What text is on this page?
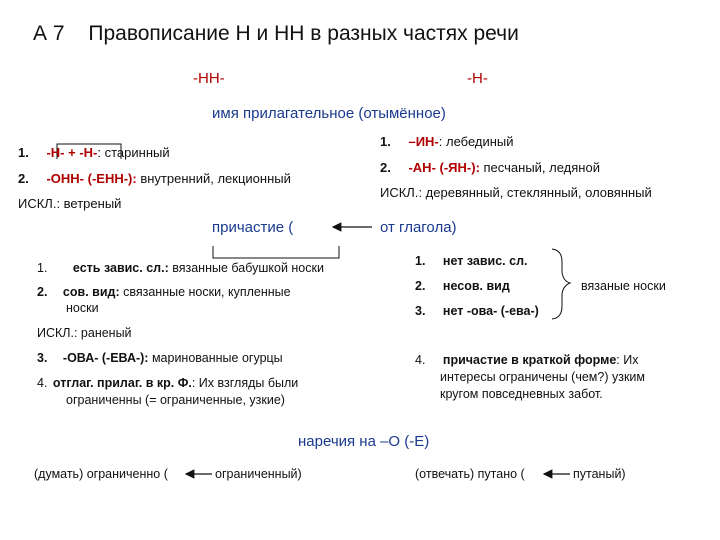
А 7 Правописание Н и НН в разных частях речи
-НН-	-Н-
имя прилагательное (отымённое)
1. -Н- + -Н-: старинный
2. -ОНН- (-ЕНН-): внутренний, лекционный
ИСКЛ.: ветреный
1. –ИН-: лебединый
2. -АН- (-ЯН-): песчаный, ледяной
ИСКЛ.: деревянный, стеклянный, оловянный
причастие (	от глагола)
1. есть завис. сл.: вязанные бабушкой носки
2. сов. вид: связанные носки, купленные
носки
ИСКЛ.: раненый
3. -ОВА- (-ЕВА-): маринованные огурцы
4. отглаг. прилаг. в кр. Ф.: Их взгляды были
ограниченны (= ограниченные, узкие)
1. нет завис. сл.
2. несов. вид
3. нет -ова- (-ева-)
вязаные носки
4. причастие в краткой форме: Их
интересы ограничены (чем?) узким
кругом повседневных забот.
наречия на –О (-Е)
(думать) ограниченно (	ограниченный)	(отвечать) путано (	путаный)
